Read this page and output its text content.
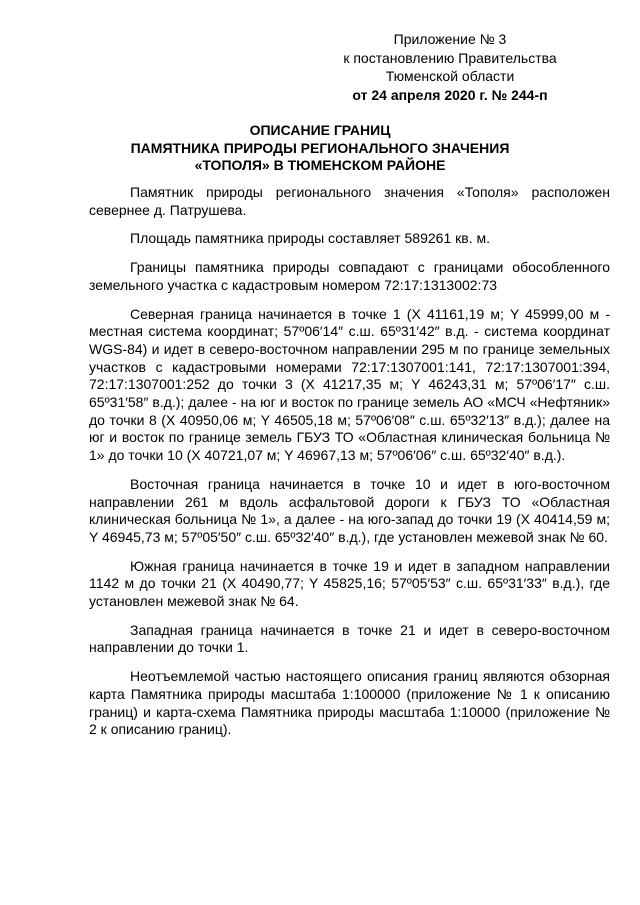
Приложение № 3
к постановлению Правительства
Тюменской области
от 24 апреля 2020 г. № 244-п
ОПИСАНИЕ ГРАНИЦ
ПАМЯТНИКА ПРИРОДЫ РЕГИОНАЛЬНОГО ЗНАЧЕНИЯ
«ТОПОЛЯ» В ТЮМЕНСКОМ РАЙОНЕ

Памятник природы регионального значения «Тополя» расположен севернее д. Патрушева.

Площадь памятника природы составляет 589261 кв. м.

Границы памятника природы совпадают с границами обособленного земельного участка с кадастровым номером 72:17:1313002:73

Северная граница начинается в точке 1 (X 41161,19 м; Y 45999,00 м - местная система координат; 57º06′14″ с.ш. 65º31′42″ в.д. - система координат WGS-84) и идет в северо-восточном направлении 295 м по границе земельных участков с кадастровыми номерами 72:17:1307001:141, 72:17:1307001:394, 72:17:1307001:252 до точки 3 (X 41217,35 м; Y 46243,31 м; 57º06′17″ с.ш. 65º31′58″ в.д.); далее - на юг и восток по границе земель АО «МСЧ «Нефтяник» до точки 8 (X 40950,06 м; Y 46505,18 м; 57º06′08″ с.ш. 65º32′13″ в.д.); далее на юг и восток по границе земель ГБУЗ ТО «Областная клиническая больница № 1» до точки 10 (X 40721,07 м; Y 46967,13 м; 57º06′06″ с.ш. 65º32′40″ в.д.).

Восточная граница начинается в точке 10 и идет в юго-восточном направлении 261 м вдоль асфальтовой дороги к ГБУЗ ТО «Областная клиническая больница № 1», а далее - на юго-запад до точки 19 (X 40414,59 м; Y 46945,73 м; 57º05′50″ с.ш. 65º32′40″ в.д.), где установлен межевой знак № 60.

Южная граница начинается в точке 19 и идет в западном направлении 1142 м до точки 21 (X 40490,77; Y 45825,16; 57º05′53″ с.ш. 65º31′33″ в.д.), где установлен межевой знак № 64.

Западная граница начинается в точке 21 и идет в северо-восточном направлении до точки 1.

Неотъемлемой частью настоящего описания границ являются обзорная карта Памятника природы масштаба 1:100000 (приложение № 1 к описанию границ) и карта-схема Памятника природы масштаба 1:10000 (приложение № 2 к описанию границ).
